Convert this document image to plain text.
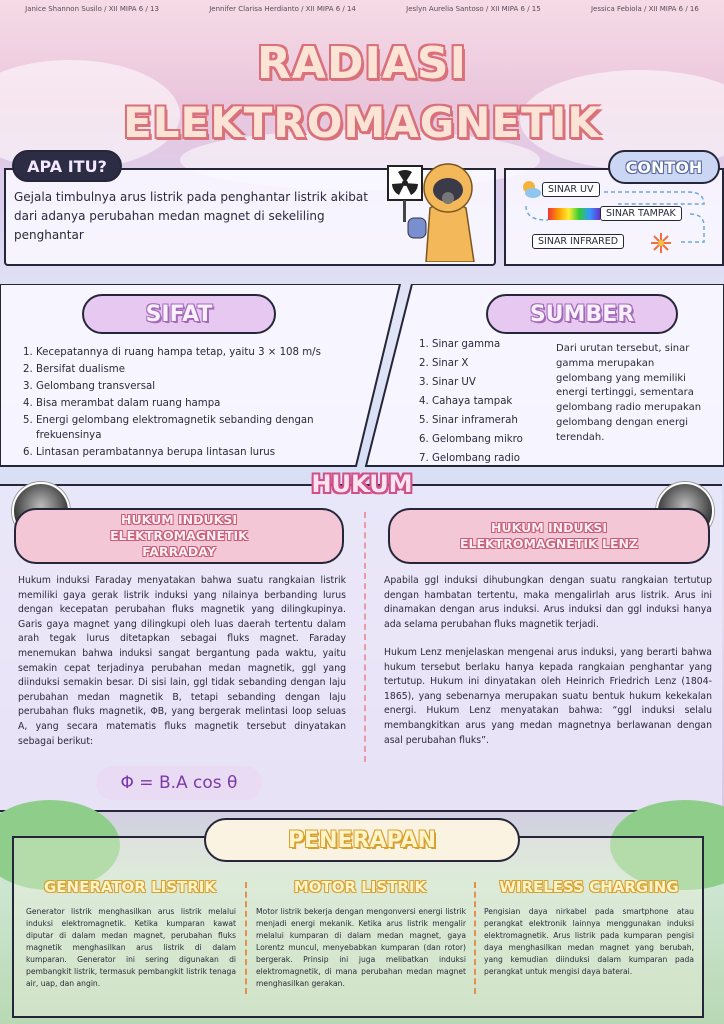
Janice Shannon Susilo / XII MIPA 6 / 13	Jennifer Clarisa Herdianto / XII MIPA 6 / 14	Jeslyn Aurelia Santoso / XII MIPA 6 / 15	Jessica Febiola / XII MIPA 6 / 16
RADIASI
ELEKTROMAGNETIK
APA ITU?
Gejala timbulnya arus listrik pada penghantar listrik akibat dari adanya perubahan medan magnet di sekeliling penghantar
CONTOH
SINAR UV
SINAR TAMPAK
SINAR INFRARED
SIFAT
1. Kecepatannya di ruang hampa tetap, yaitu 3 × 108 m/s
2. Bersifat dualisme
3. Gelombang transversal
4. Bisa merambat dalam ruang hampa
5. Energi gelombang elektromagnetik sebanding dengan frekuensinya
6. Lintasan perambatannya berupa lintasan lurus
SUMBER
1. Sinar gamma
2. Sinar X
3. Sinar UV
4. Cahaya tampak
5. Sinar inframerah
6. Gelombang mikro
7. Gelombang radio
Dari urutan tersebut, sinar gamma merupakan gelombang yang memiliki energi tertinggi, sementara gelombang radio merupakan gelombang dengan energi terendah.
HUKUM
HUKUM INDUKSI ELEKTROMAGNETIK FARRADAY
Hukum induksi Faraday menyatakan bahwa suatu rangkaian listrik memiliki gaya gerak listrik induksi yang nilainya berbanding lurus dengan kecepatan perubahan fluks magnetik yang dilingkupinya. Garis gaya magnet yang dilingkupi oleh luas daerah tertentu dalam arah tegak lurus ditetapkan sebagai fluks magnet. Faraday menemukan bahwa induksi sangat bergantung pada waktu, yaitu semakin cepat terjadinya perubahan medan magnetik, ggl yang diinduksi semakin besar. Di sisi lain, ggl tidak sebanding dengan laju perubahan medan magnetik B, tetapi sebanding dengan laju perubahan fluks magnetik, ΦB, yang bergerak melintasi loop seluas A, yang secara matematis fluks magnetik tersebut dinyatakan sebagai berikut:
Φ = B.A cos θ
HUKUM INDUKSI ELEKTROMAGNETIK LENZ
Apabila ggl induksi dihubungkan dengan suatu rangkaian tertutup dengan hambatan tertentu, maka mengalirlah arus listrik. Arus ini dinamakan dengan arus induksi. Arus induksi dan ggl induksi hanya ada selama perubahan fluks magnetik terjadi.
Hukum Lenz menjelaskan mengenai arus induksi, yang berarti bahwa hukum tersebut berlaku hanya kepada rangkaian penghantar yang tertutup. Hukum ini dinyatakan oleh Heinrich Friedrich Lenz (1804-1865), yang sebenarnya merupakan suatu bentuk hukum kekekalan energi. Hukum Lenz menyatakan bahwa: “ggl induksi selalu membangkitkan arus yang medan magnetnya berlawanan dengan asal perubahan fluks”.
PENERAPAN
GENERATOR LISTRIK
Generator listrik menghasilkan arus listrik melalui induksi elektromagnetik. Ketika kumparan kawat diputar di dalam medan magnet, perubahan fluks magnetik menghasilkan arus listrik di dalam kumparan. Generator ini sering digunakan di pembangkit listrik, termasuk pembangkit listrik tenaga air, uap, dan angin.
MOTOR LISTRIK
Motor listrik bekerja dengan mengonversi energi listrik menjadi energi mekanik. Ketika arus listrik mengalir melalui kumparan di dalam medan magnet, gaya Lorentz muncul, menyebabkan kumparan (dan rotor) bergerak. Prinsip ini juga melibatkan induksi elektromagnetik, di mana perubahan medan magnet menghasilkan gerakan.
WIRELESS CHARGING
Pengisian daya nirkabel pada smartphone atau perangkat elektronik lainnya menggunakan induksi elektromagnetik. Arus listrik pada kumparan pengisi daya menghasilkan medan magnet yang berubah, yang kemudian diinduksi dalam kumparan pada perangkat untuk mengisi daya baterai.
